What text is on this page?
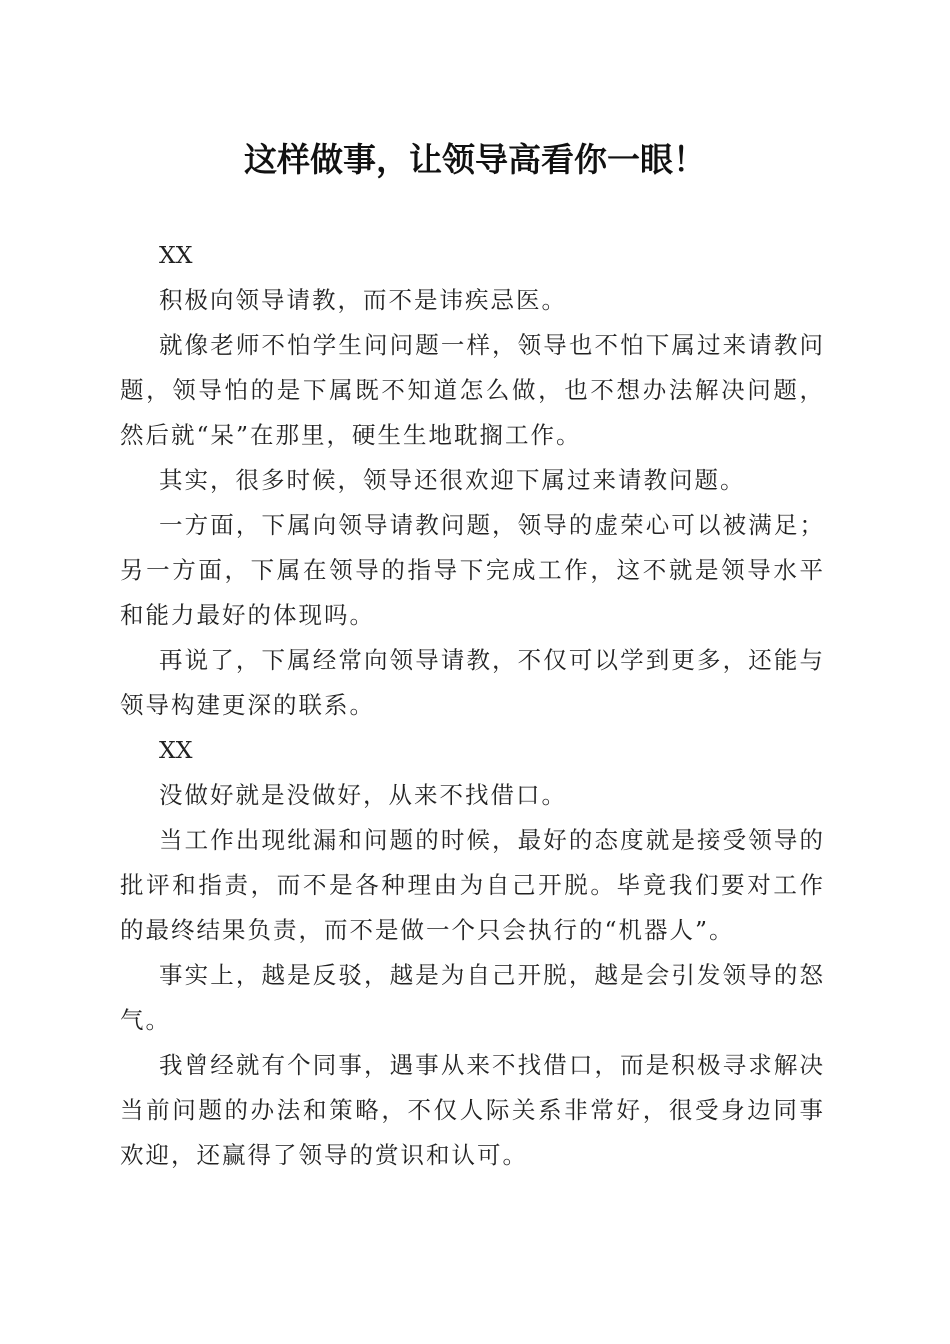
这样做事，让领导高看你一眼！

XX

积极向领导请教，而不是讳疾忌医。

就像老师不怕学生问问题一样，领导也不怕下属过来请教问题，领导怕的是下属既不知道怎么做，也不想办法解决问题，然后就“呆”在那里，硬生生地耽搁工作。

其实，很多时候，领导还很欢迎下属过来请教问题。

一方面，下属向领导请教问题，领导的虚荣心可以被满足；另一方面，下属在领导的指导下完成工作，这不就是领导水平和能力最好的体现吗。

再说了，下属经常向领导请教，不仅可以学到更多，还能与领导构建更深的联系。

XX

没做好就是没做好，从来不找借口。

当工作出现纰漏和问题的时候，最好的态度就是接受领导的批评和指责，而不是各种理由为自己开脱。毕竟我们要对工作的最终结果负责，而不是做一个只会执行的“机器人”。

事实上，越是反驳，越是为自己开脱，越是会引发领导的怒气。

我曾经就有个同事，遇事从来不找借口，而是积极寻求解决当前问题的办法和策略，不仅人际关系非常好，很受身边同事欢迎，还赢得了领导的赏识和认可。
